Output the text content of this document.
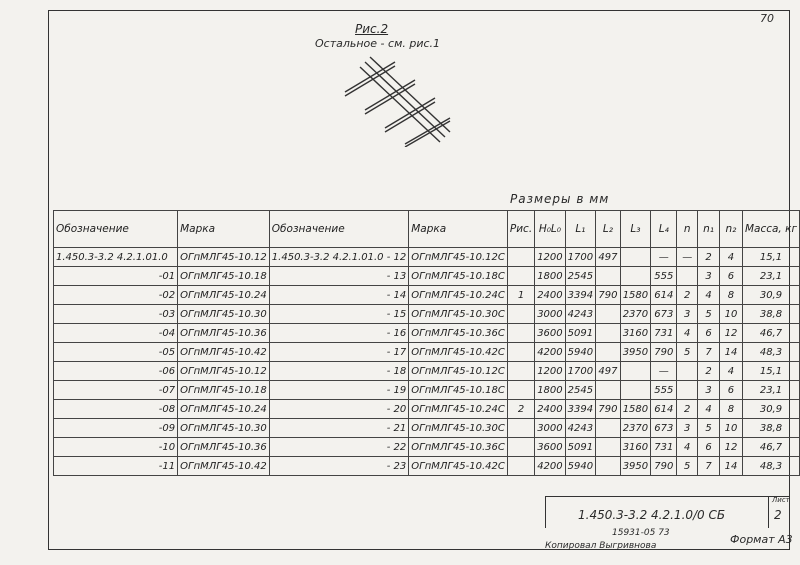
70
Рис.2
Остальное - см. рис.1
Размеры в мм
Обозначение	Марка	Обозначение	Марка	Рис.	H₀L₀	L₁	L₂	L₃	L₄	n	n₁	n₂	Масса, кг
1.450.3-3.2 4.2.1.01.0	ОГпМЛГ45-10.12	1.450.3-3.2 4.2.1.01.0 - 12	ОГпМЛГ45-10.12С		1200	1700	497		—	—	2	4	15,1
-01	ОГпМЛГ45-10.18	- 13	ОГпМЛГ45-10.18С		1800	2545			555		3	6	23,1
-02	ОГпМЛГ45-10.24	- 14	ОГпМЛГ45-10.24С	1	2400	3394	790	1580	614	2	4	8	30,9
-03	ОГпМЛГ45-10.30	- 15	ОГпМЛГ45-10.30С		3000	4243		2370	673	3	5	10	38,8
-04	ОГпМЛГ45-10.36	- 16	ОГпМЛГ45-10.36С		3600	5091		3160	731	4	6	12	46,7
-05	ОГпМЛГ45-10.42	- 17	ОГпМЛГ45-10.42С		4200	5940		3950	790	5	7	14	48,3
-06	ОГпМЛГ45-10.12	- 18	ОГпМЛГ45-10.12С		1200	1700	497		—		2	4	15,1
-07	ОГпМЛГ45-10.18	- 19	ОГпМЛГ45-10.18С		1800	2545			555		3	6	23,1
-08	ОГпМЛГ45-10.24	- 20	ОГпМЛГ45-10.24С	2	2400	3394	790	1580	614	2	4	8	30,9
-09	ОГпМЛГ45-10.30	- 21	ОГпМЛГ45-10.30С		3000	4243		2370	673	3	5	10	38,8
-10	ОГпМЛГ45-10.36	- 22	ОГпМЛГ45-10.36С		3600	5091		3160	731	4	6	12	46,7
-11	ОГпМЛГ45-10.42	- 23	ОГпМЛГ45-10.42С		4200	5940		3950	790	5	7	14	48,3
1.450.3-3.2 4.2.1.0/0 СБ
Лист
2
15931-05 73
Копировал Выгривнова	Формат А3
